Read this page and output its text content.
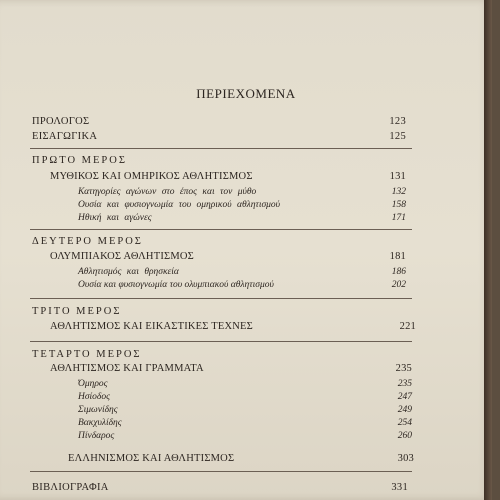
ΠΕΡΙΕΧΟΜΕΝΑ
ΠΡΟΛΟΓΟΣ	123
ΕΙΣΑΓΩΓΙΚΑ	125
ΠΡΩΤΟ ΜΕΡΟΣ
ΜΥΘΙΚΟΣ ΚΑΙ ΟΜΗΡΙΚΟΣ ΑΘΛΗΤΙΣΜΟΣ	131
Κατηγορίες αγώνων στο έπος και τον μύθο	132
Ουσία και φυσιογνωμία του ομηρικού αθλητισμού	158
Ηθική και αγώνες	171
ΔΕΥΤΕΡΟ ΜΕΡΟΣ
ΟΛΥΜΠΙΑΚΟΣ ΑΘΛΗΤΙΣΜΟΣ	181
Αθλητισμός και θρησκεία	186
Ουσία και φυσιογνωμία του ολυμπιακού αθλητισμού	202
ΤΡΙΤΟ ΜΕΡΟΣ
ΑΘΛΗΤΙΣΜΟΣ ΚΑΙ ΕΙΚΑΣΤΙΚΕΣ ΤΕΧΝΕΣ	221
ΤΕΤΑΡΤΟ ΜΕΡΟΣ
ΑΘΛΗΤΙΣΜΟΣ ΚΑΙ ΓΡΑΜΜΑΤΑ	235
Όμηρος	235
Ησίοδος	247
Σιμωνίδης	249
Βακχυλίδης	254
Πίνδαρος	260
ΕΛΛΗΝΙΣΜΟΣ ΚΑΙ ΑΘΛΗΤΙΣΜΟΣ	303
ΒΙΒΛΙΟΓΡΑΦΙΑ	331
